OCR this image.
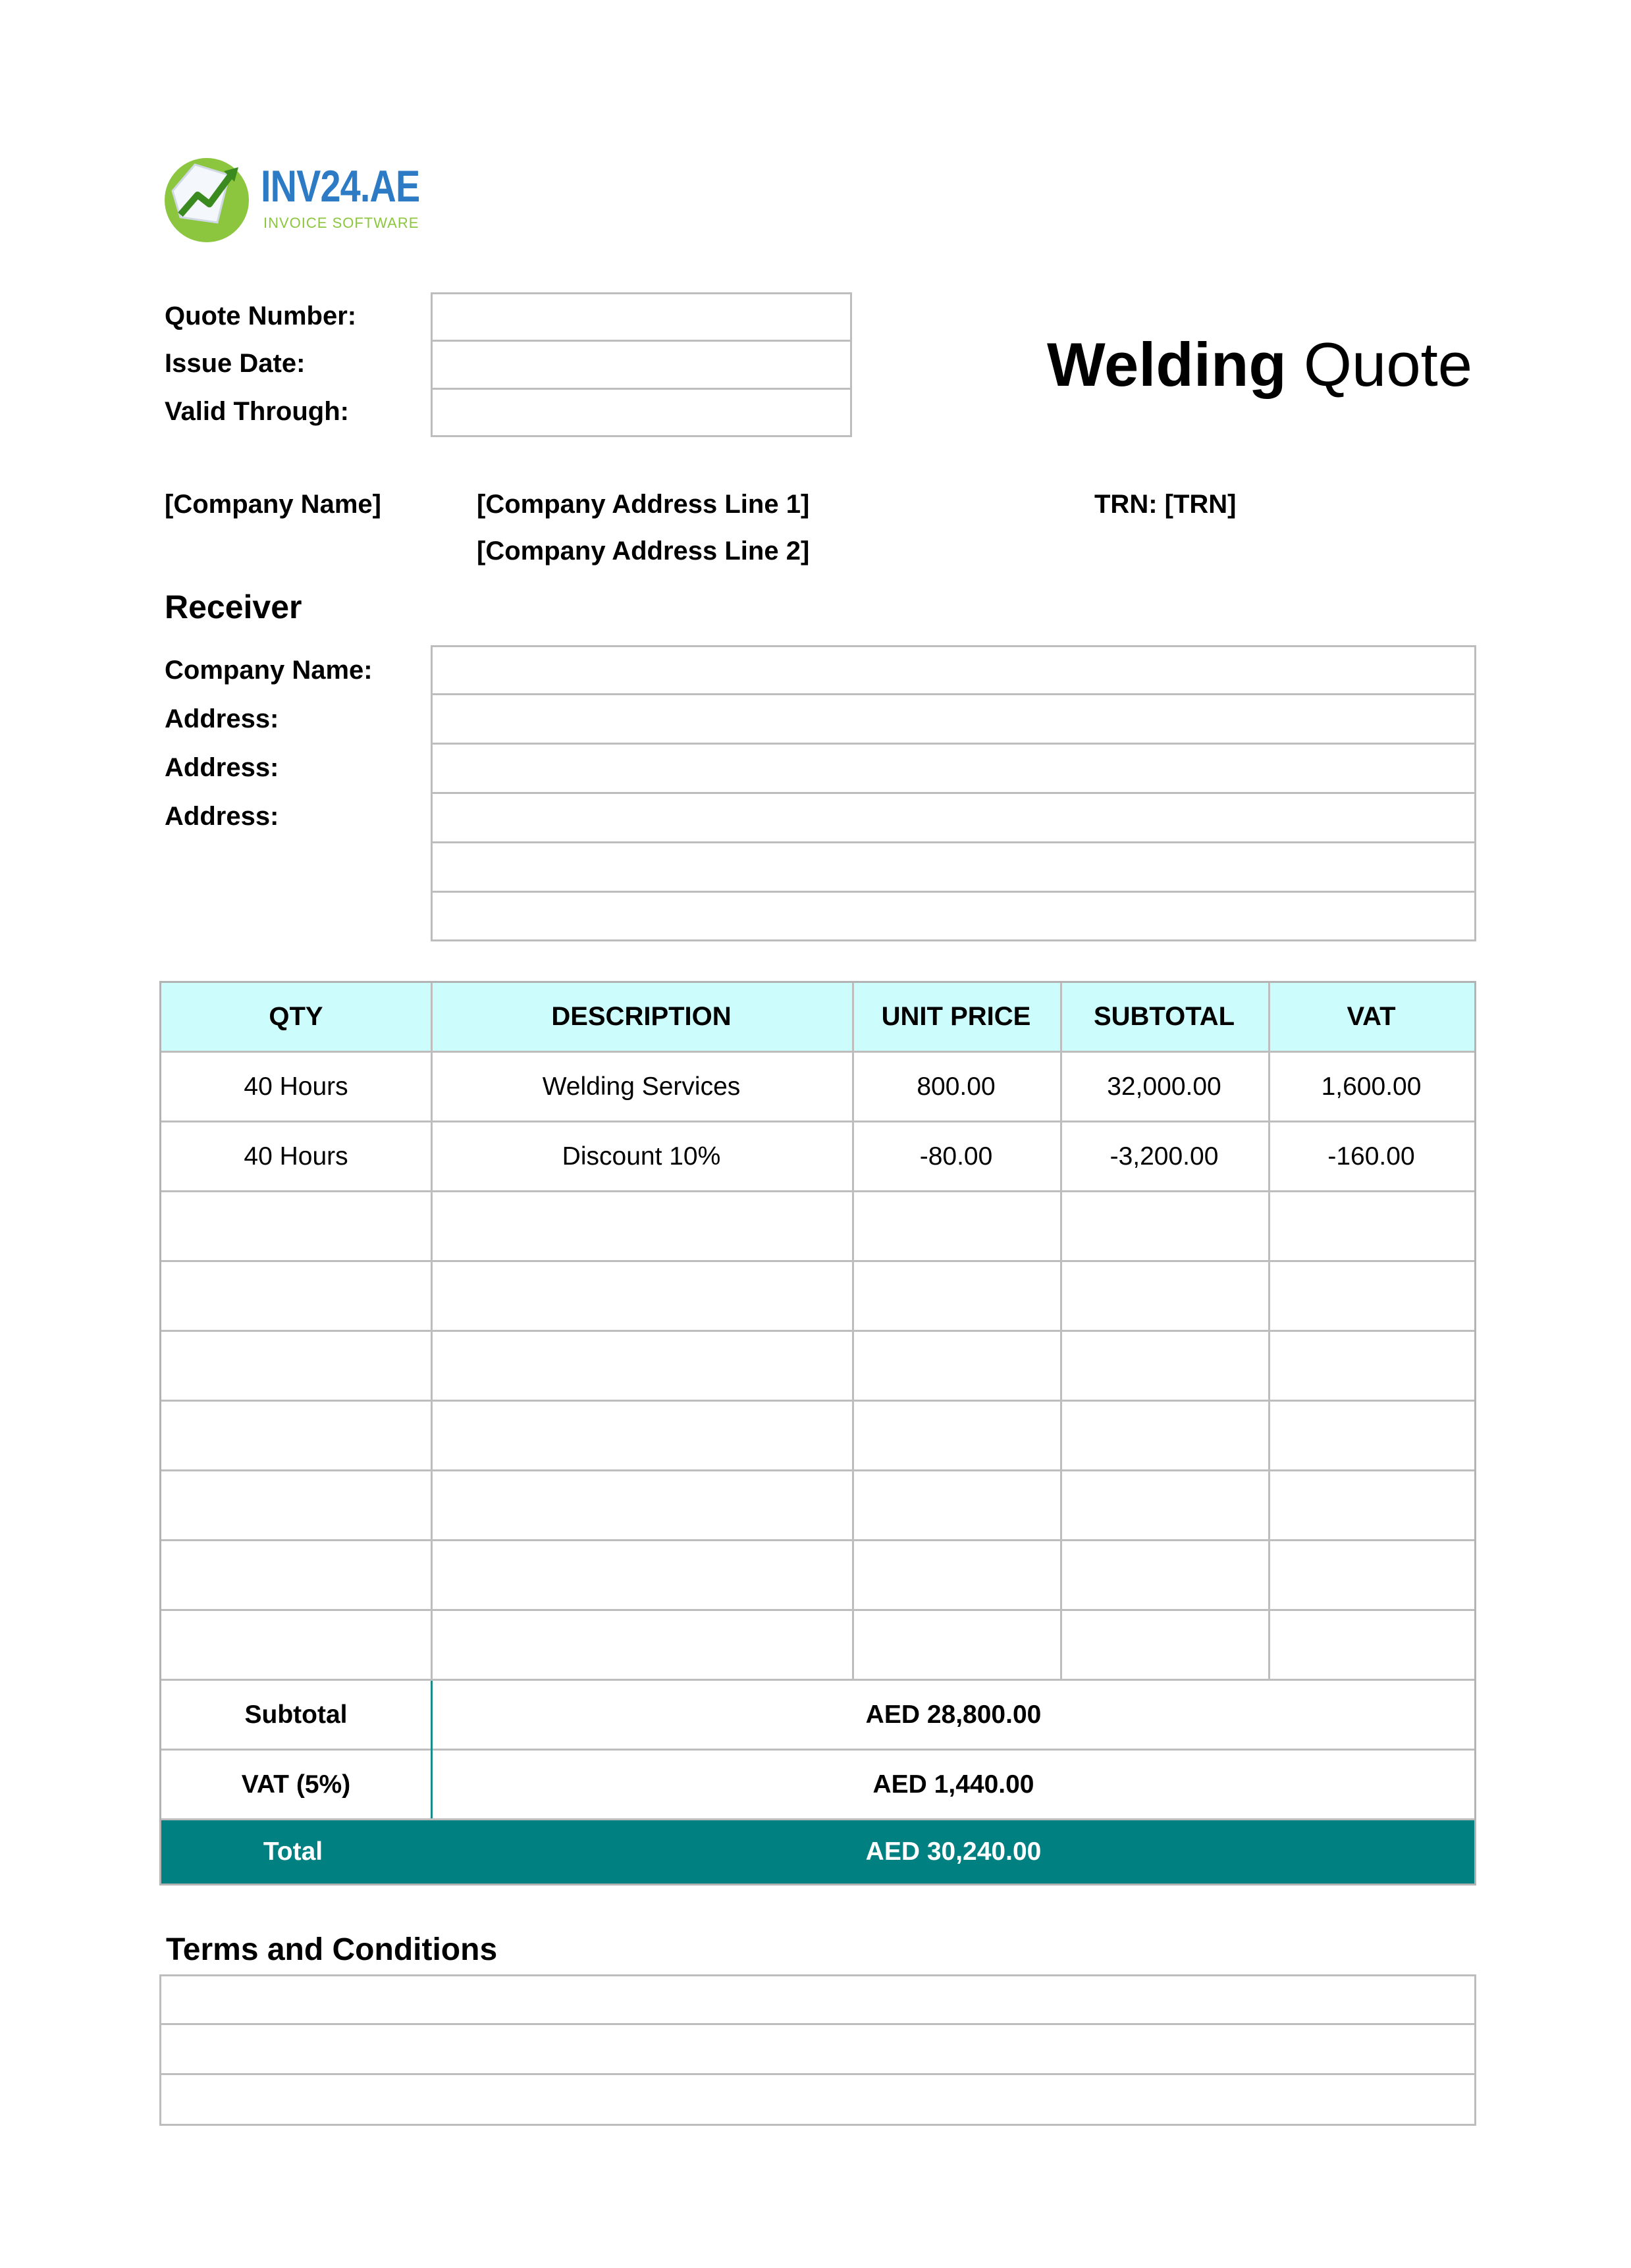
INV24.AE
INVOICE SOFTWARE
Quote Number:
Issue Date:
Valid Through:
Welding Quote
[Company Name]	[Company Address Line 1]
[Company Address Line 2]
TRN: [TRN]
Receiver
Company Name:
Address:
Address:
Address:
QTY	DESCRIPTION	UNIT PRICE	SUBTOTAL	VAT
40 Hours	Welding Services	800.00	32,000.00	1,600.00
40 Hours	Discount 10%	-80.00	-3,200.00	-160.00
Subtotal	AED 28,800.00
VAT (5%)	AED 1,440.00
Total	AED 30,240.00
Terms and Conditions
